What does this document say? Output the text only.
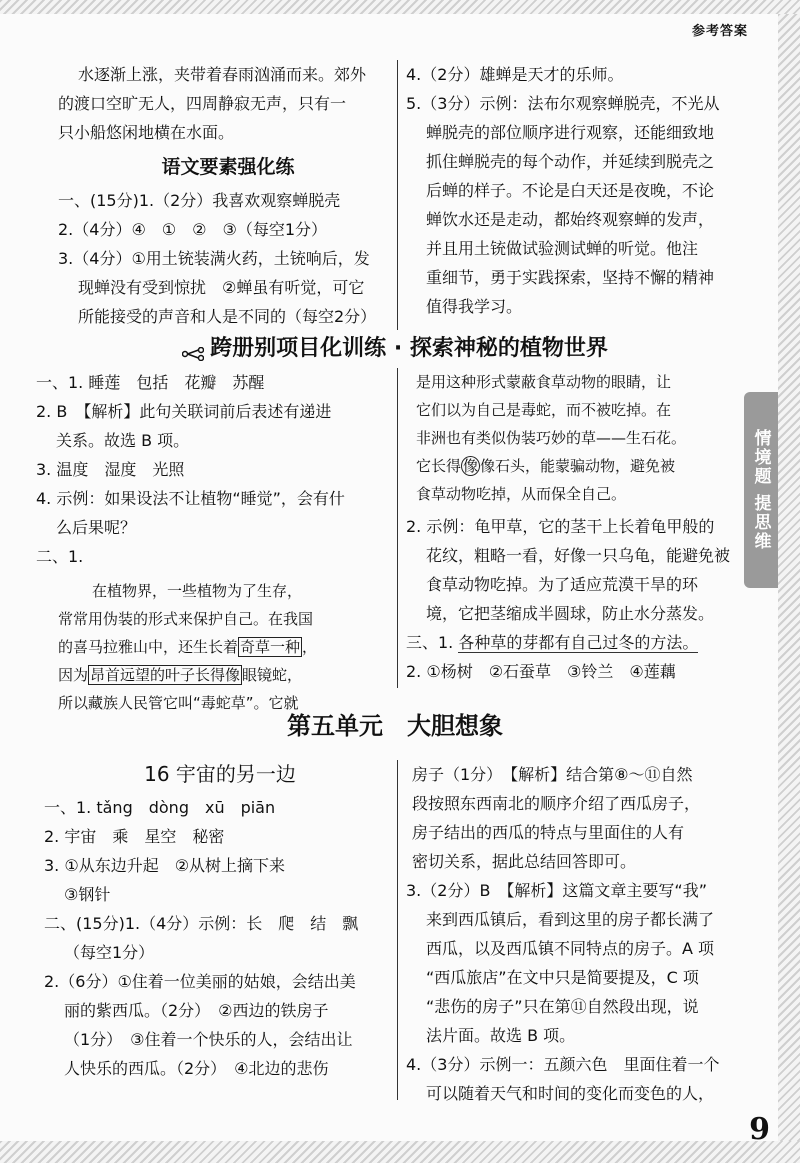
参考答案
情境题 提思维
9
水逐渐上涨，夹带着春雨汹涌而来。郊外
的渡口空旷无人，四周静寂无声，只有一
只小船悠闲地横在水面。
语文要素强化练
一、(15分)1.（2分）我喜欢观察蝉脱壳
2.（4分）④　①　②　③（每空1分）
3.（4分）①用土铳装满火药，土铳响后，发
现蝉没有受到惊扰　②蝉虽有听觉，可它
所能接受的声音和人是不同的（每空2分）
4.（2分）雄蝉是天才的乐师。
5.（3分）示例：法布尔观察蝉脱壳，不光从
蝉脱壳的部位顺序进行观察，还能细致地
抓住蝉脱壳的每个动作，并延续到脱壳之
后蝉的样子。不论是白天还是夜晚，不论
蝉饮水还是走动，都始终观察蝉的发声，
并且用土铳做试验测试蝉的听觉。他注
重细节，勇于实践探索，坚持不懈的精神
值得我学习。
跨册别项目化训练 · 探索神秘的植物世界
一、1. 睡莲　包括　花瓣　苏醒
2. B　【解析】此句关联词前后表述有递进
关系。故选 B 项。
3. 温度　湿度　光照
4. 示例：如果设法不让植物“睡觉”，会有什
么后果呢？
二、1.
在植物界，一些植物为了生存，
常常用伪装的形式来保护自己。在我国
的喜马拉雅山中，还生长着 奇草一种 ，
因为 昂首远望的叶子长得像 眼镜蛇，
所以藏族人民管它叫“毒蛇草”。它就
是用这种形式蒙蔽食草动物的眼睛，让
它们以为自己是毒蛇，而不被吃掉。在
非洲也有类似伪装巧妙的草——生石花。
它长得 像 像石头，能蒙骗动物，避免被
食草动物吃掉，从而保全自己。
2. 示例：龟甲草，它的茎干上长着龟甲般的
花纹，粗略一看，好像一只乌龟，能避免被
食草动物吃掉。为了适应荒漠干旱的环
境，它把茎缩成半圆球，防止水分蒸发。
三、1. 各种草的芽都有自己过冬的方法。
2. ①杨树　②石蚕草　③铃兰　④莲藕
第五单元　大胆想象
16 宇宙的另一边
一、1. tǎng　dòng　xū　piān
2. 宇宙　乘　星空　秘密
3. ①从东边升起　②从树上摘下来
③钢针
二、(15分)1.（4分）示例：长　爬　结　飘
（每空1分）
2.（6分）①住着一位美丽的姑娘，会结出美
丽的紫西瓜。（2分）　②西边的铁房子
（1分）　③住着一个快乐的人，会结出让
人快乐的西瓜。（2分）　④北边的悲伤
房子（1分）　【解析】结合第⑧～⑪自然
段按照东西南北的顺序介绍了西瓜房子，
房子结出的西瓜的特点与里面住的人有
密切关系，据此总结回答即可。
3.（2分）B　【解析】这篇文章主要写“我”
来到西瓜镇后，看到这里的房子都长满了
西瓜，以及西瓜镇不同特点的房子。A 项
“西瓜旅店”在文中只是简要提及，C 项
“悲伤的房子”只在第⑪自然段出现，说
法片面。故选 B 项。
4.（3分）示例一：五颜六色　里面住着一个
可以随着天气和时间的变化而变色的人，
